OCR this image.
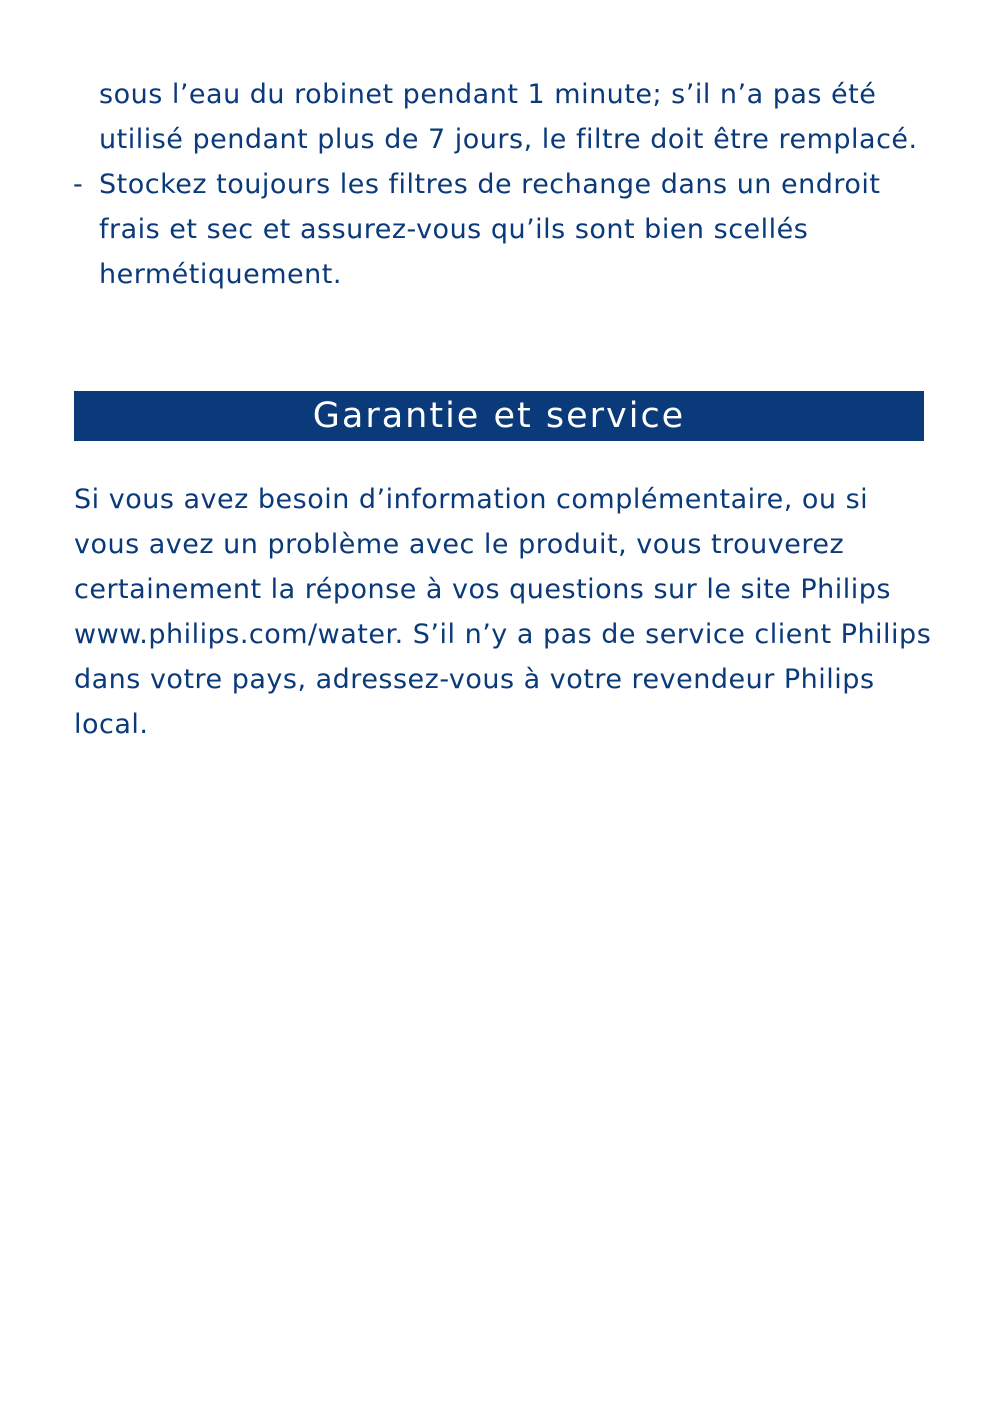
sous l’eau du robinet pendant 1 minute; s’il n’a pas été
utilisé pendant plus de 7 jours, le filtre doit être remplacé.
- Stockez toujours les filtres de rechange dans un endroit
frais et sec et assurez-vous qu’ils sont bien scellés
hermétiquement.
Garantie et service
Si vous avez besoin d’information complémentaire, ou si
vous avez un problème avec le produit, vous trouverez
certainement la réponse à vos questions sur le site Philips
www.philips.com/water. S’il n’y a pas de service client Philips
dans votre pays, adressez-vous à votre revendeur Philips
local.
